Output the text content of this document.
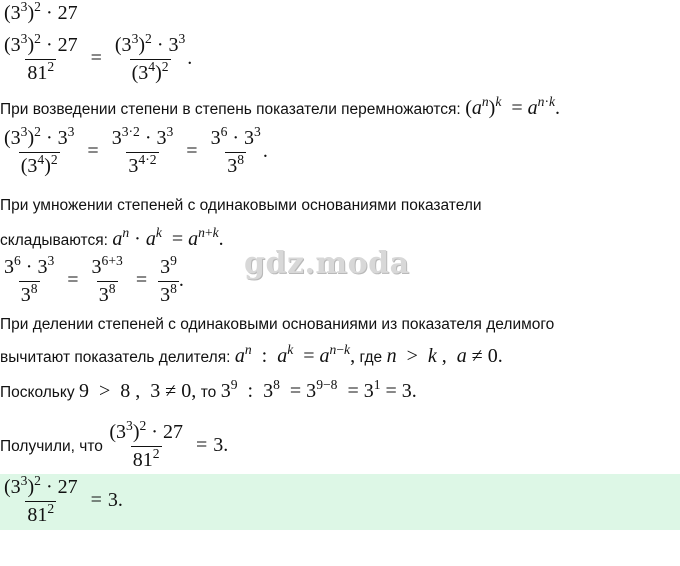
$(3^3)^2 \cdot 27$
$\frac{(3^3)^2 \cdot 27}{81^2} = \frac{(3^3)^2 \cdot 3^3}{(3^4)^2}$ .
При возведении степени в степень показатели перемножаются: $(a^n)^k = a^{n\cdot k}$.
$\frac{(3^3)^2 \cdot 3^3}{(3^4)^2} = \frac{3^{3\cdot 2} \cdot 3^3}{3^{4\cdot 2}} = \frac{3^6 \cdot 3^3}{3^8}$ .
При умножении степеней с одинаковыми основаниями показатели
складываются: $a^n \cdot a^k = a^{n+k}$.
gdz.moda
$\frac{3^6 \cdot 3^3}{3^8} = \frac{3^{6+3}}{3^8} = \frac{3^9}{3^8}$ .
При делении степеней с одинаковыми основаниями из показателя делимого
вычитают показатель делителя: $a^n$  :  $a^k = a^{n-k}$, где n  >  k ,  a ≠ 0.
Поскольку 9  >  8 ,  3 ≠ 0, то $3^9$  :  $3^8 = 3^{9-8} = 3^1 = 3$.
Получили, что $\frac{(3^3)^2 \cdot 27}{81^2} = 3$.
$\frac{(3^3)^2 \cdot 27}{81^2} = 3$.
